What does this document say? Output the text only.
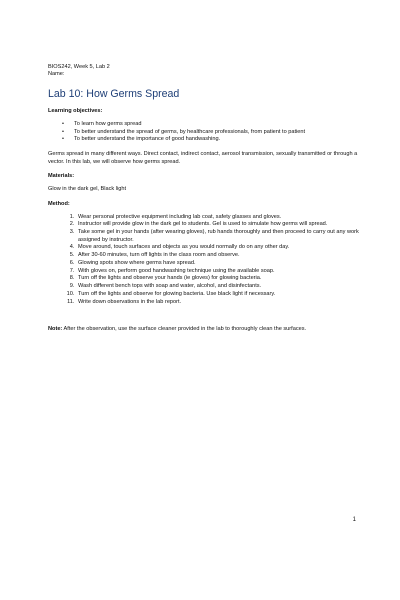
BIOS242, Week 5, Lab 2
Name:
Lab 10: How Germs Spread
Learning objectives:
• To learn how germs spread
• To better understand the spread of germs, by healthcare professionals, from patient to patient
• To better understand the importance of good handwashing.
Germs spread in many different ways. Direct contact, indirect contact, aerosol transmission, sexually transmitted or through a vector. In this lab, we will observe how germs spread.
Materials:
Glow in the dark gel, Black light
Method:
1. Wear personal protective equipment including lab coat, safety glasses and gloves.
2. Instructor will provide glow in the dark gel to students. Gel is used to simulate how germs will spread.
3. Take some gel in your hands (after wearing gloves), rub hands thoroughly and then proceed to carry out any work assigned by instructor.
4. Move around, touch surfaces and objects as you would normally do on any other day.
5. After 30-60 minutes, turn off lights in the class room and observe.
6. Glowing spots show where germs have spread.
7. With gloves on, perform good handwashing technique using the available soap.
8. Turn off the lights and observe your hands (ie gloves) for glowing bacteria.
9. Wash different bench tops with soap and water, alcohol, and disinfectants.
10. Turn off the lights and observe for glowing bacteria. Use black light if necessary.
11. Write down observations in the lab report.
Note: After the observation, use the surface cleaner provided in the lab to thoroughly clean the surfaces.
1
